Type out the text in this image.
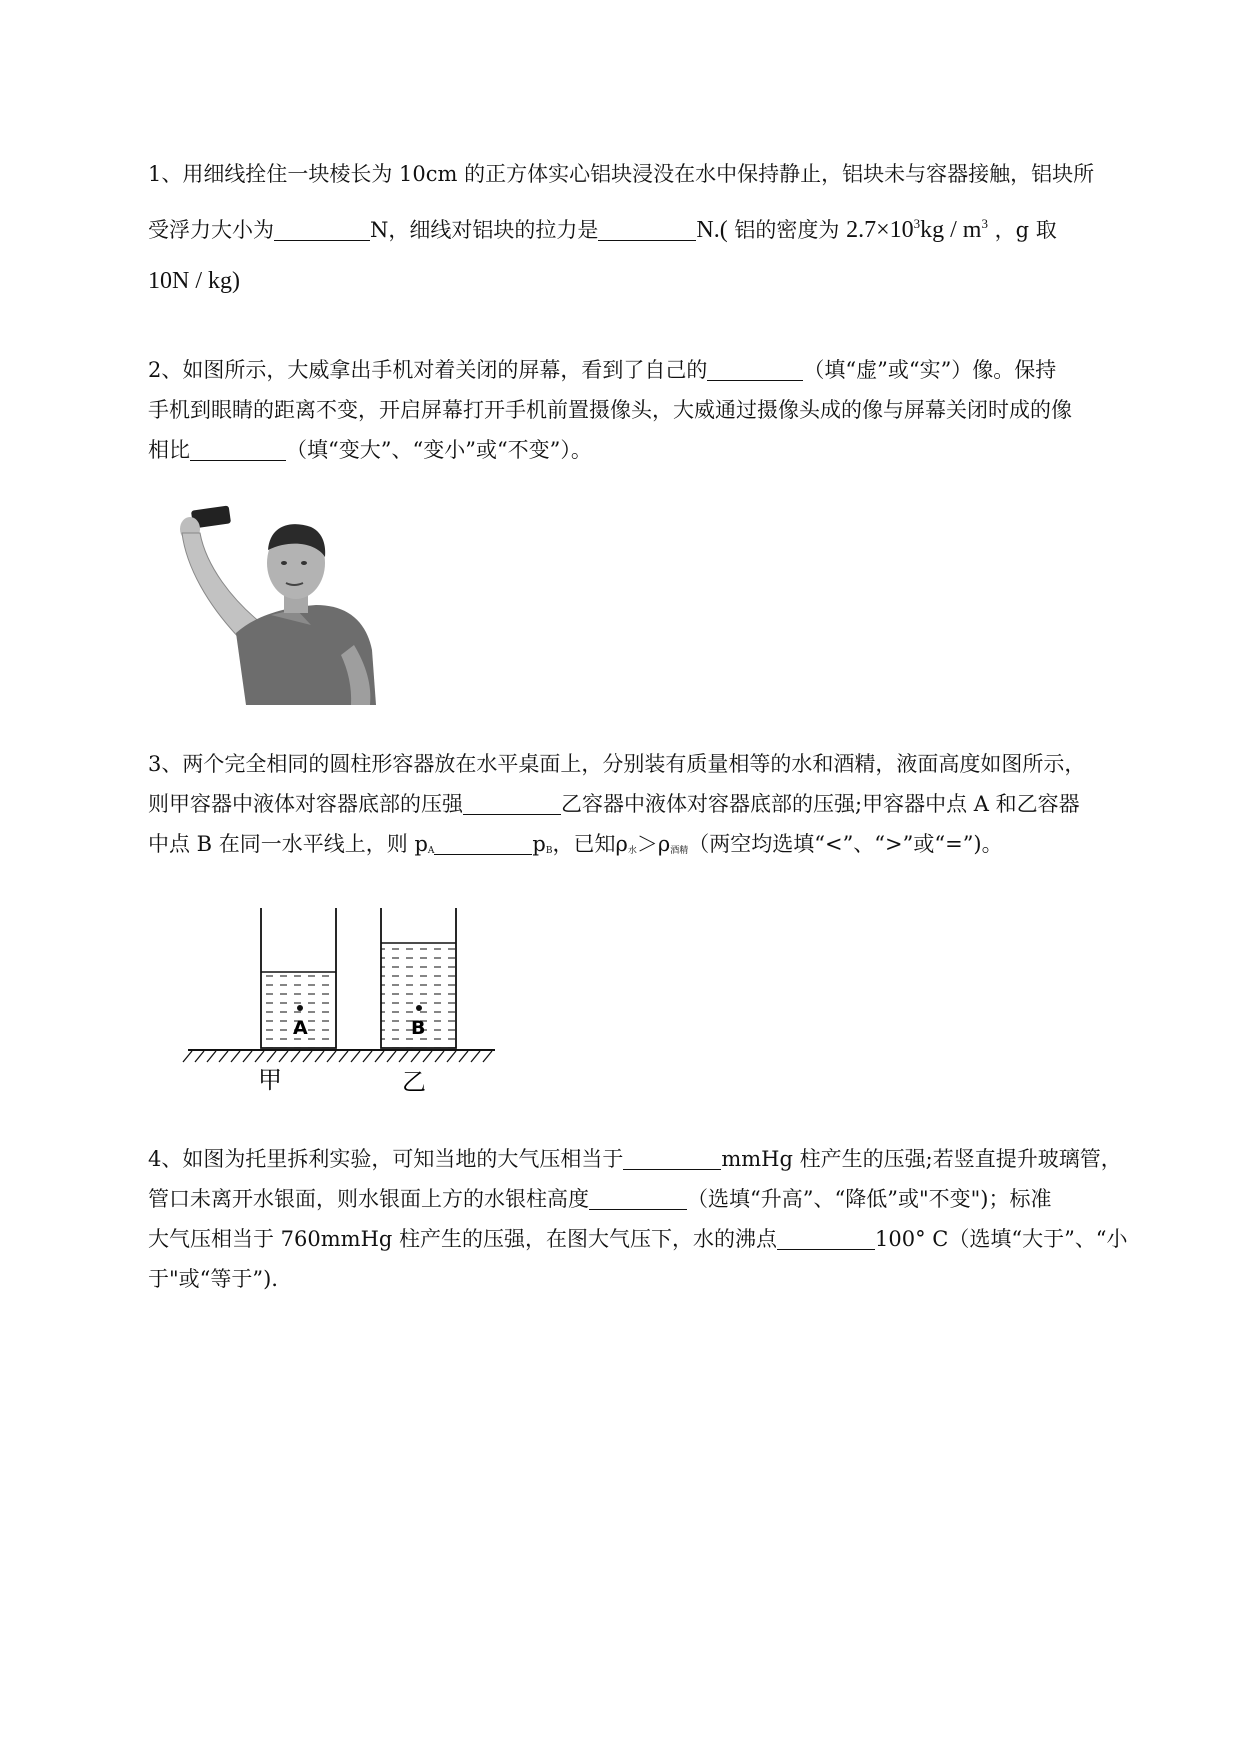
1、用细线拴住一块棱长为 10cm 的正方体实心铝块浸没在水中保持静止，铝块未与容器接触，铝块所
受浮力大小为	N，细线对铝块的拉力是	N.( 铝的密度为 $2.7\times 10^3kg / m^3$ ，g 取
10N / kg)
2、如图所示，大威拿出手机对着关闭的屏幕，看到了自己的	（填“虚”或“实”）像。保持
手机到眼睛的距离不变，开启屏幕打开手机前置摄像头，大威通过摄像头成的像与屏幕关闭时成的像
相比	（填“变大”、“变小”或“不变”）。
3、两个完全相同的圆柱形容器放在水平桌面上，分别装有质量相等的水和酒精，液面高度如图所示，
则甲容器中液体对容器底部的压强	乙容器中液体对容器底部的压强;甲容器中点 A 和乙容器
中点 B 在同一水平线上，则 $p_A$	$p_B$，已知$\rho_水>\rho_{酒精}$（两空均选填“<”、“>”或“=”)。
A	B
甲	乙
4、如图为托里拆利实验，可知当地的大气压相当于	mmHg 柱产生的压强;若竖直提升玻璃管，
管口未离开水银面，则水银面上方的水银柱高度	（选填“升高”、“降低”或"不变")；标准
大气压相当于 760mmHg 柱产生的压强，在图大气压下，水的沸点	100° C（选填“大于”、“小
于"或“等于”)．
